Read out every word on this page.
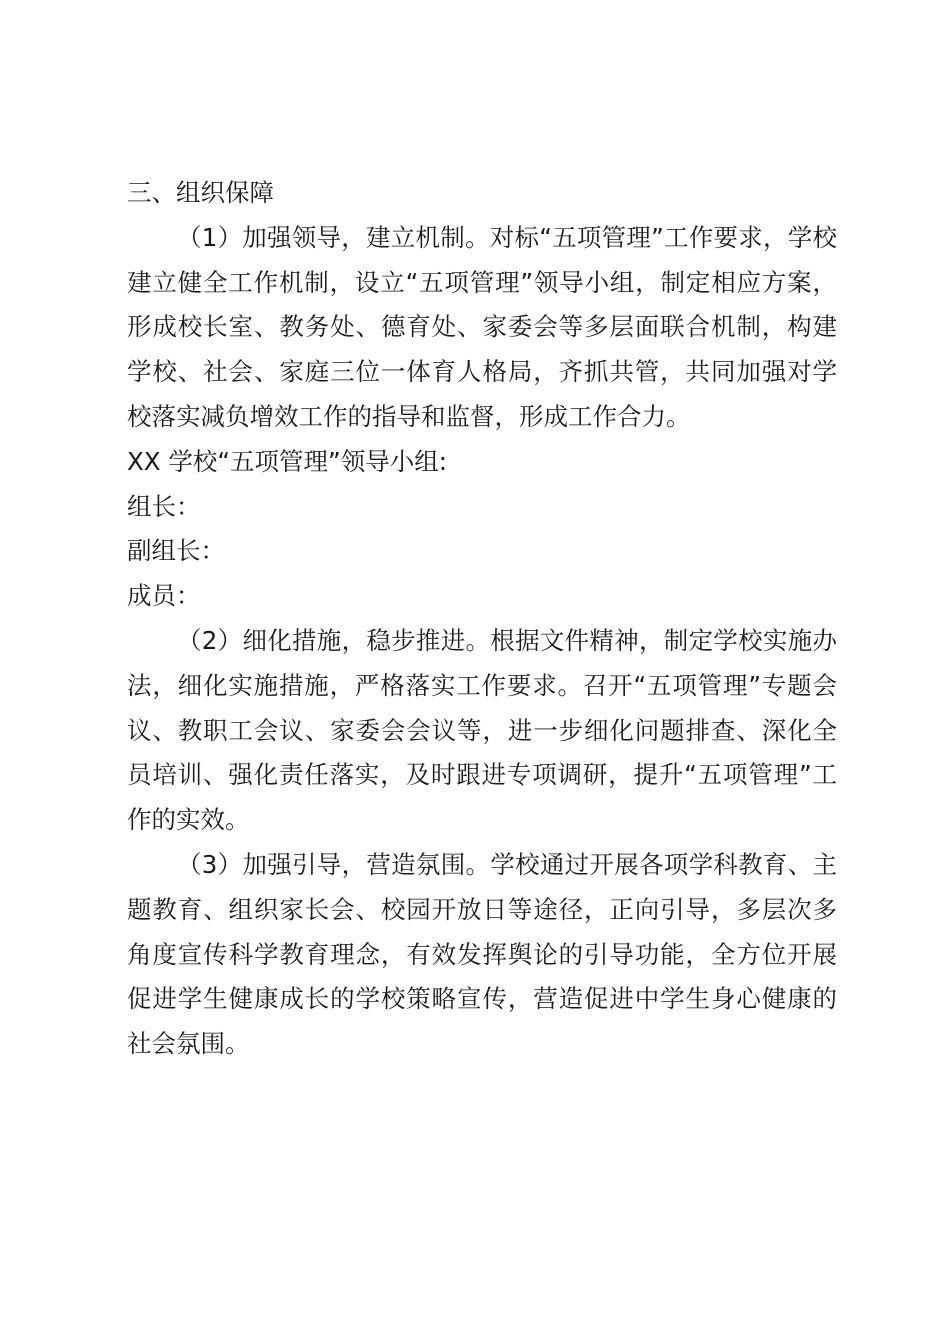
三、组织保障

（1）加强领导，建立机制。对标“五项管理”工作要求，学校建立健全工作机制，设立“五项管理”领导小组，制定相应方案，形成校长室、教务处、德育处、家委会等多层面联合机制，构建学校、社会、家庭三位一体育人格局，齐抓共管，共同加强对学校落实减负增效工作的指导和监督，形成工作合力。

XX 学校“五项管理”领导小组:

组长：

副组长：

成员：

（2）细化措施，稳步推进。根据文件精神，制定学校实施办法，细化实施措施，严格落实工作要求。召开“五项管理”专题会议、教职工会议、家委会会议等，进一步细化问题排查、深化全员培训、强化责任落实，及时跟进专项调研，提升“五项管理”工作的实效。

（3）加强引导，营造氛围。学校通过开展各项学科教育、主题教育、组织家长会、校园开放日等途径，正向引导，多层次多角度宣传科学教育理念，有效发挥舆论的引导功能，全方位开展促进学生健康成长的学校策略宣传，营造促进中学生身心健康的社会氛围。
